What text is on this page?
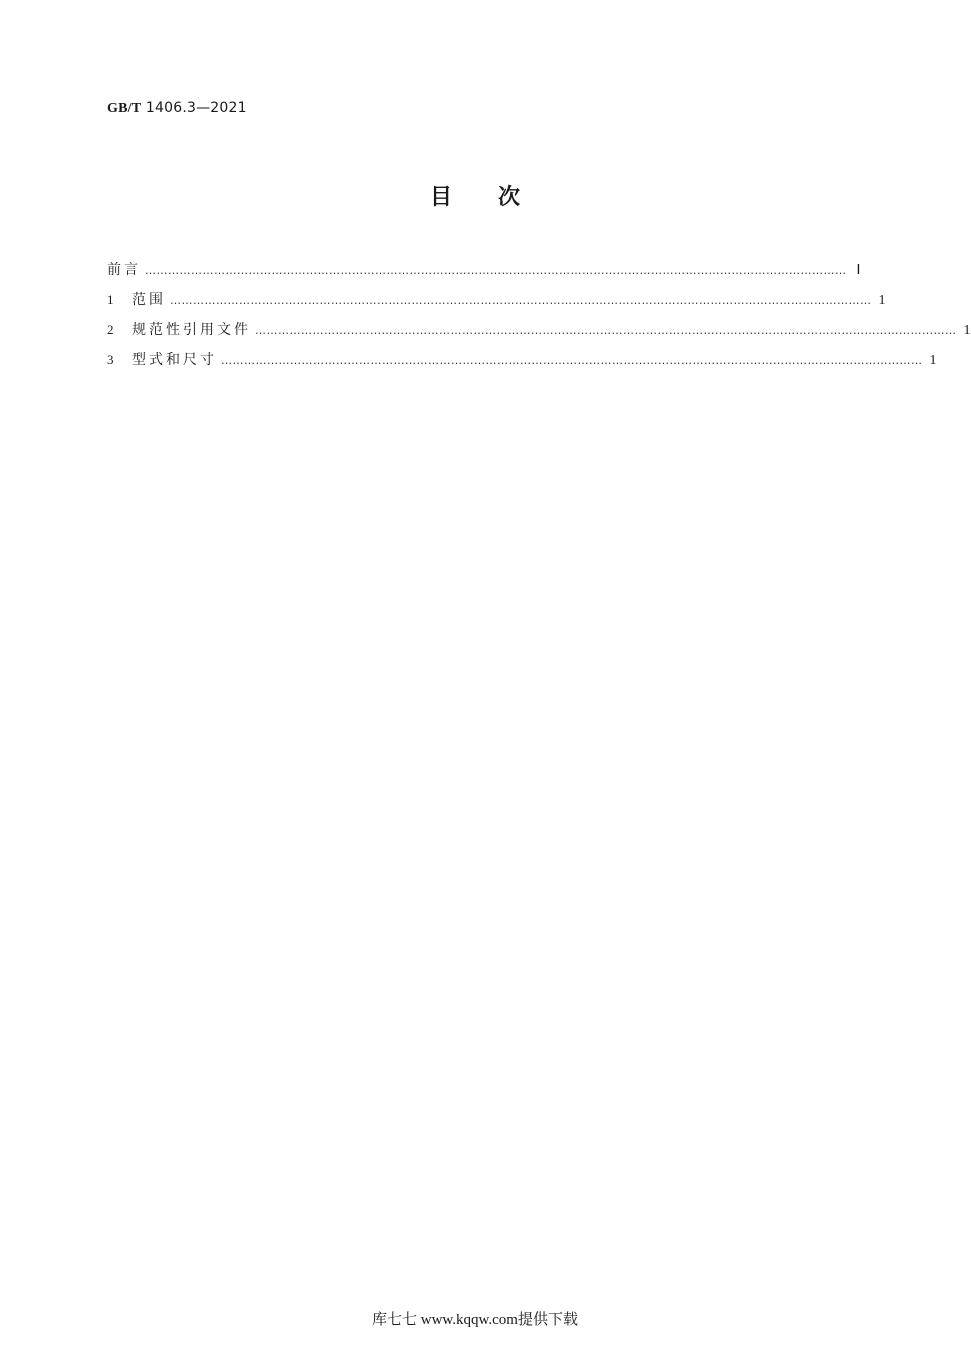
GB/T 1406.3—2021
目次
前言 ………………………………………………………………………………………………………………………………………………………………… Ⅰ
1	范围 ………………………………………………………………………………………………………………………………………………………………… 1
2	规范性引用文件 ………………………………………………………………………………………………………………………………………………………………… 1
3	型式和尺寸 ………………………………………………………………………………………………………………………………………………………………… 1
库七七 www.kqqw.com提供下载
